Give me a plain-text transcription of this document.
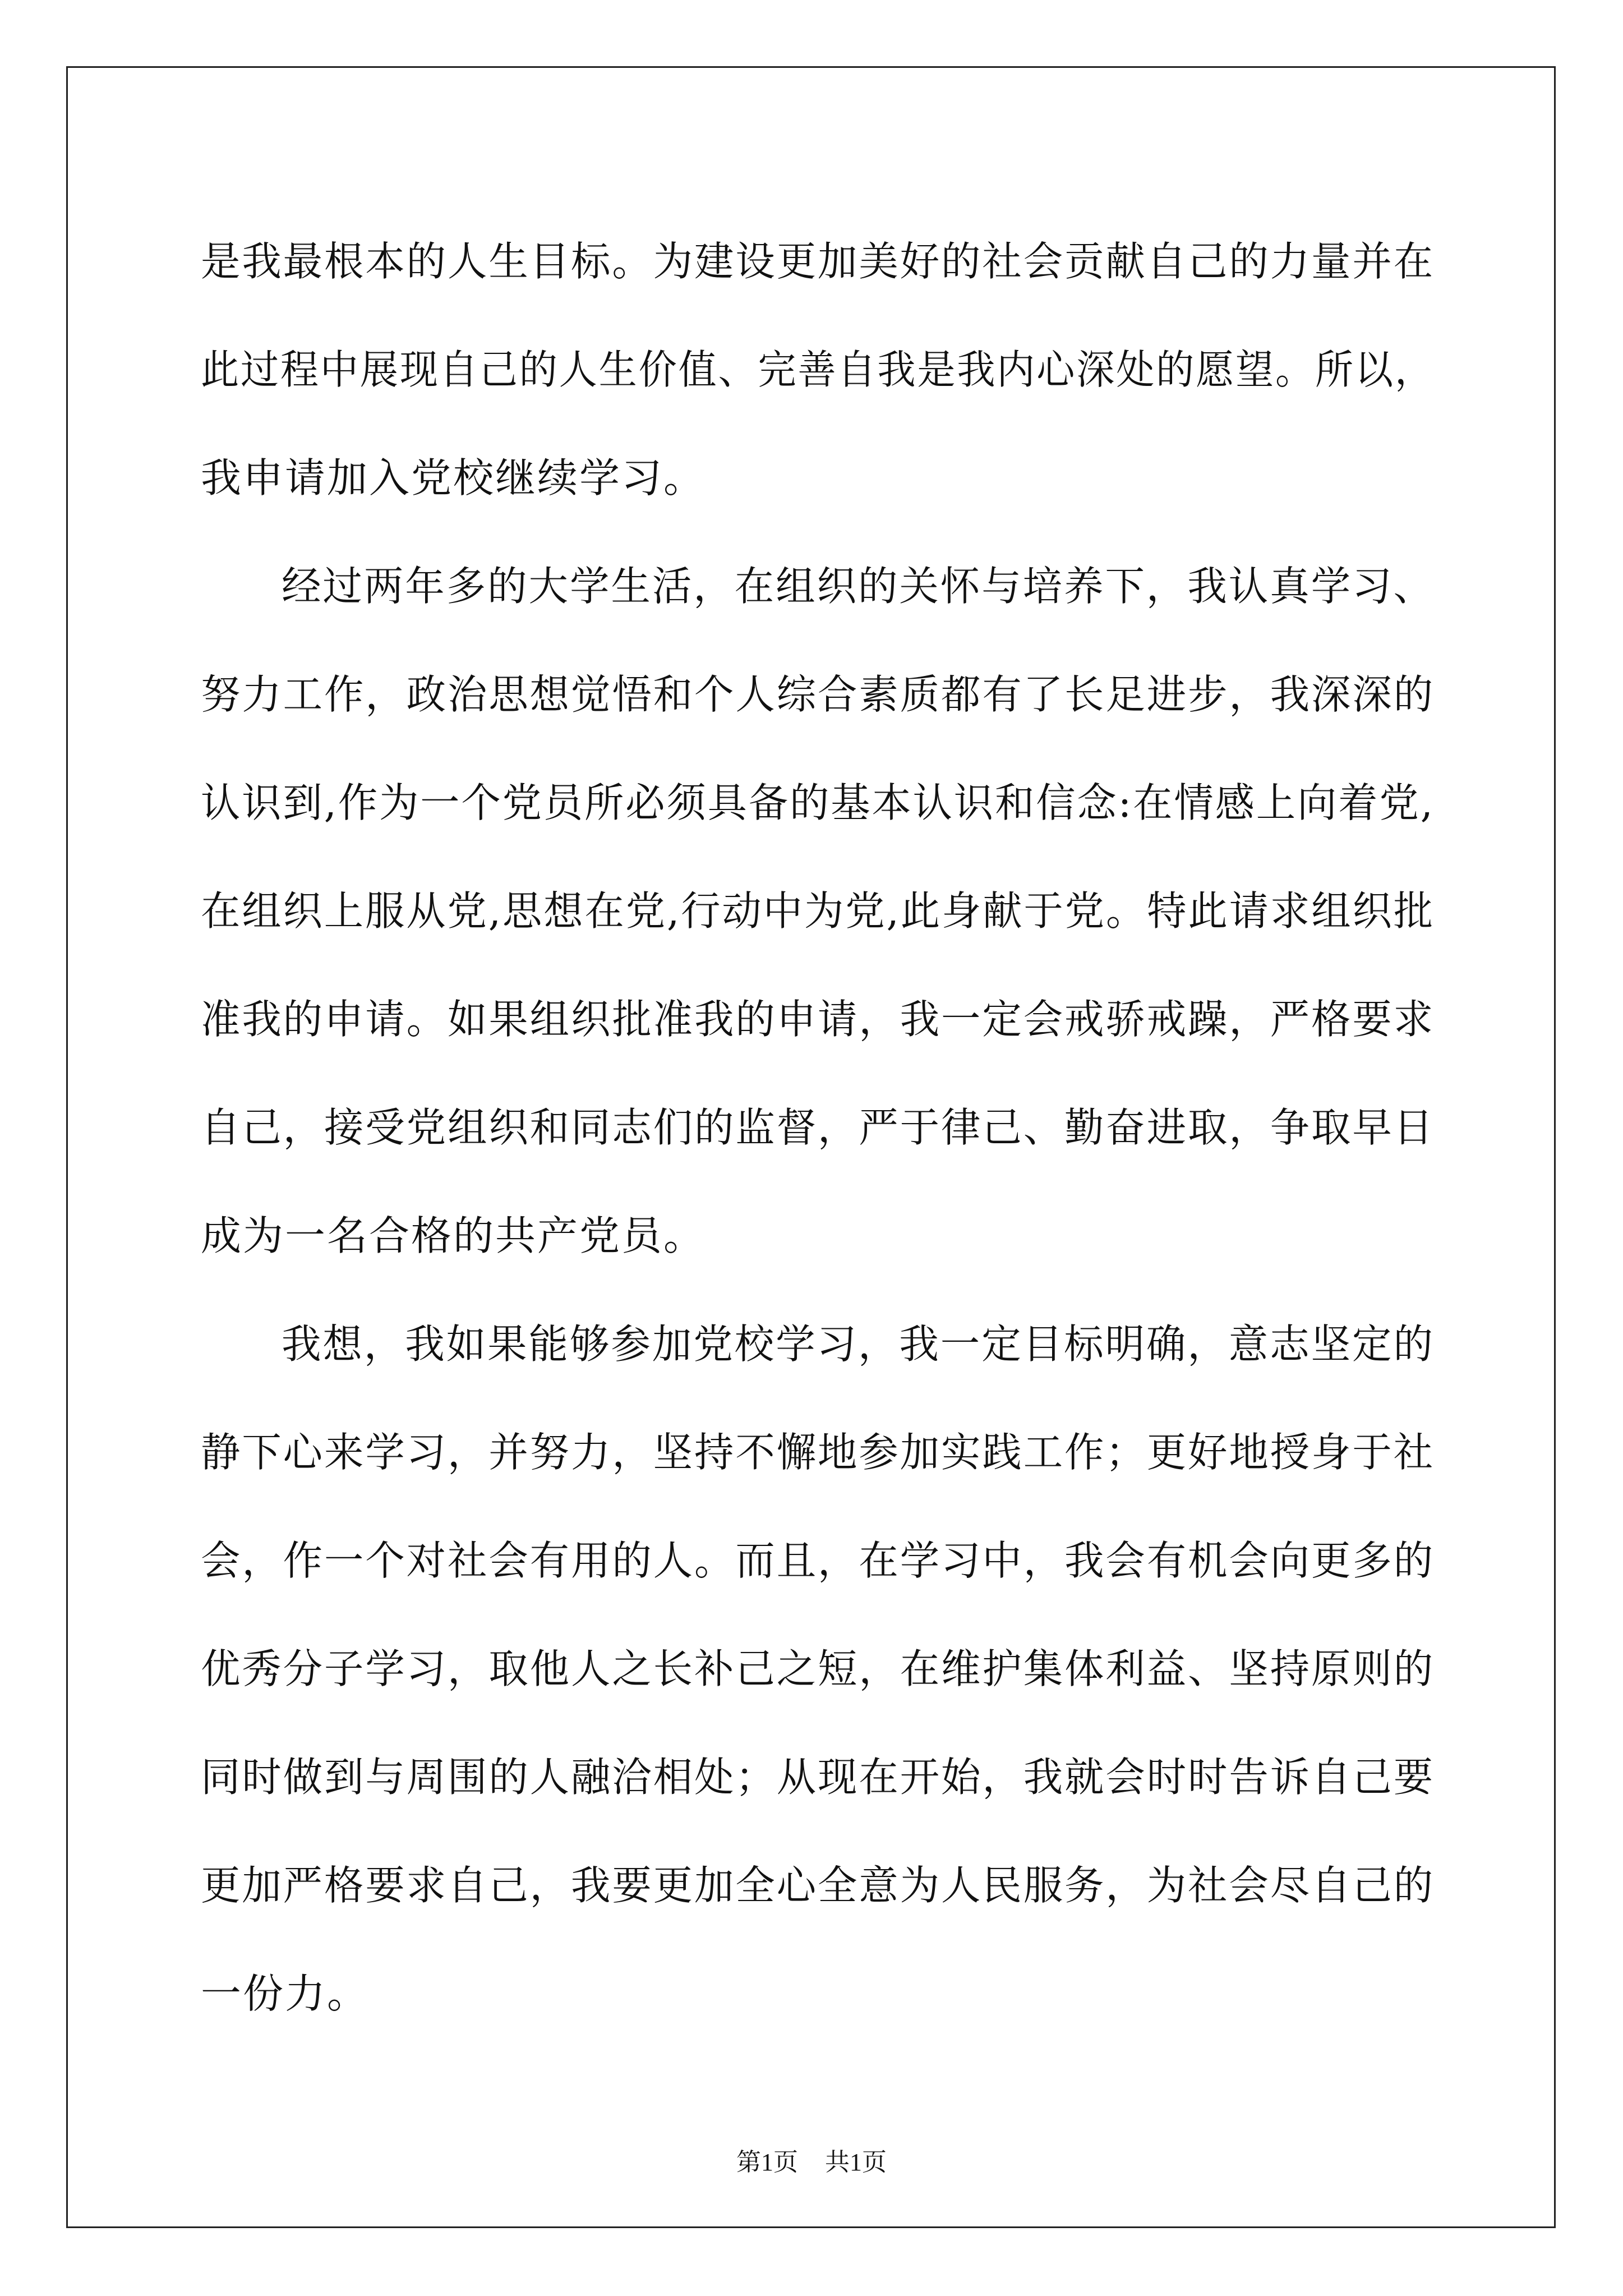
是我最根本的人生目标。为建设更加美好的社会贡献自己的力量并在
此过程中展现自己的人生价值、完善自我是我内心深处的愿望。所以，
我申请加入党校继续学习。
经过两年多的大学生活，在组织的关怀与培养下，我认真学习、
努力工作，政治思想觉悟和个人综合素质都有了长足进步，我深深的
认识到,作为一个党员所必须具备的基本认识和信念:在情感上向着党,
在组织上服从党,思想在党,行动中为党,此身献于党。特此请求组织批
准我的申请。如果组织批准我的申请，我一定会戒骄戒躁，严格要求
自己，接受党组织和同志们的监督，严于律己、勤奋进取，争取早日
成为一名合格的共产党员。
我想，我如果能够参加党校学习，我一定目标明确，意志坚定的
静下心来学习，并努力，坚持不懈地参加实践工作；更好地授身于社
会，作一个对社会有用的人。而且，在学习中，我会有机会向更多的
优秀分子学习，取他人之长补己之短，在维护集体利益、坚持原则的
同时做到与周围的人融洽相处；从现在开始，我就会时时告诉自己要
更加严格要求自己，我要更加全心全意为人民服务，为社会尽自己的
一份力。
第1页 共1页
